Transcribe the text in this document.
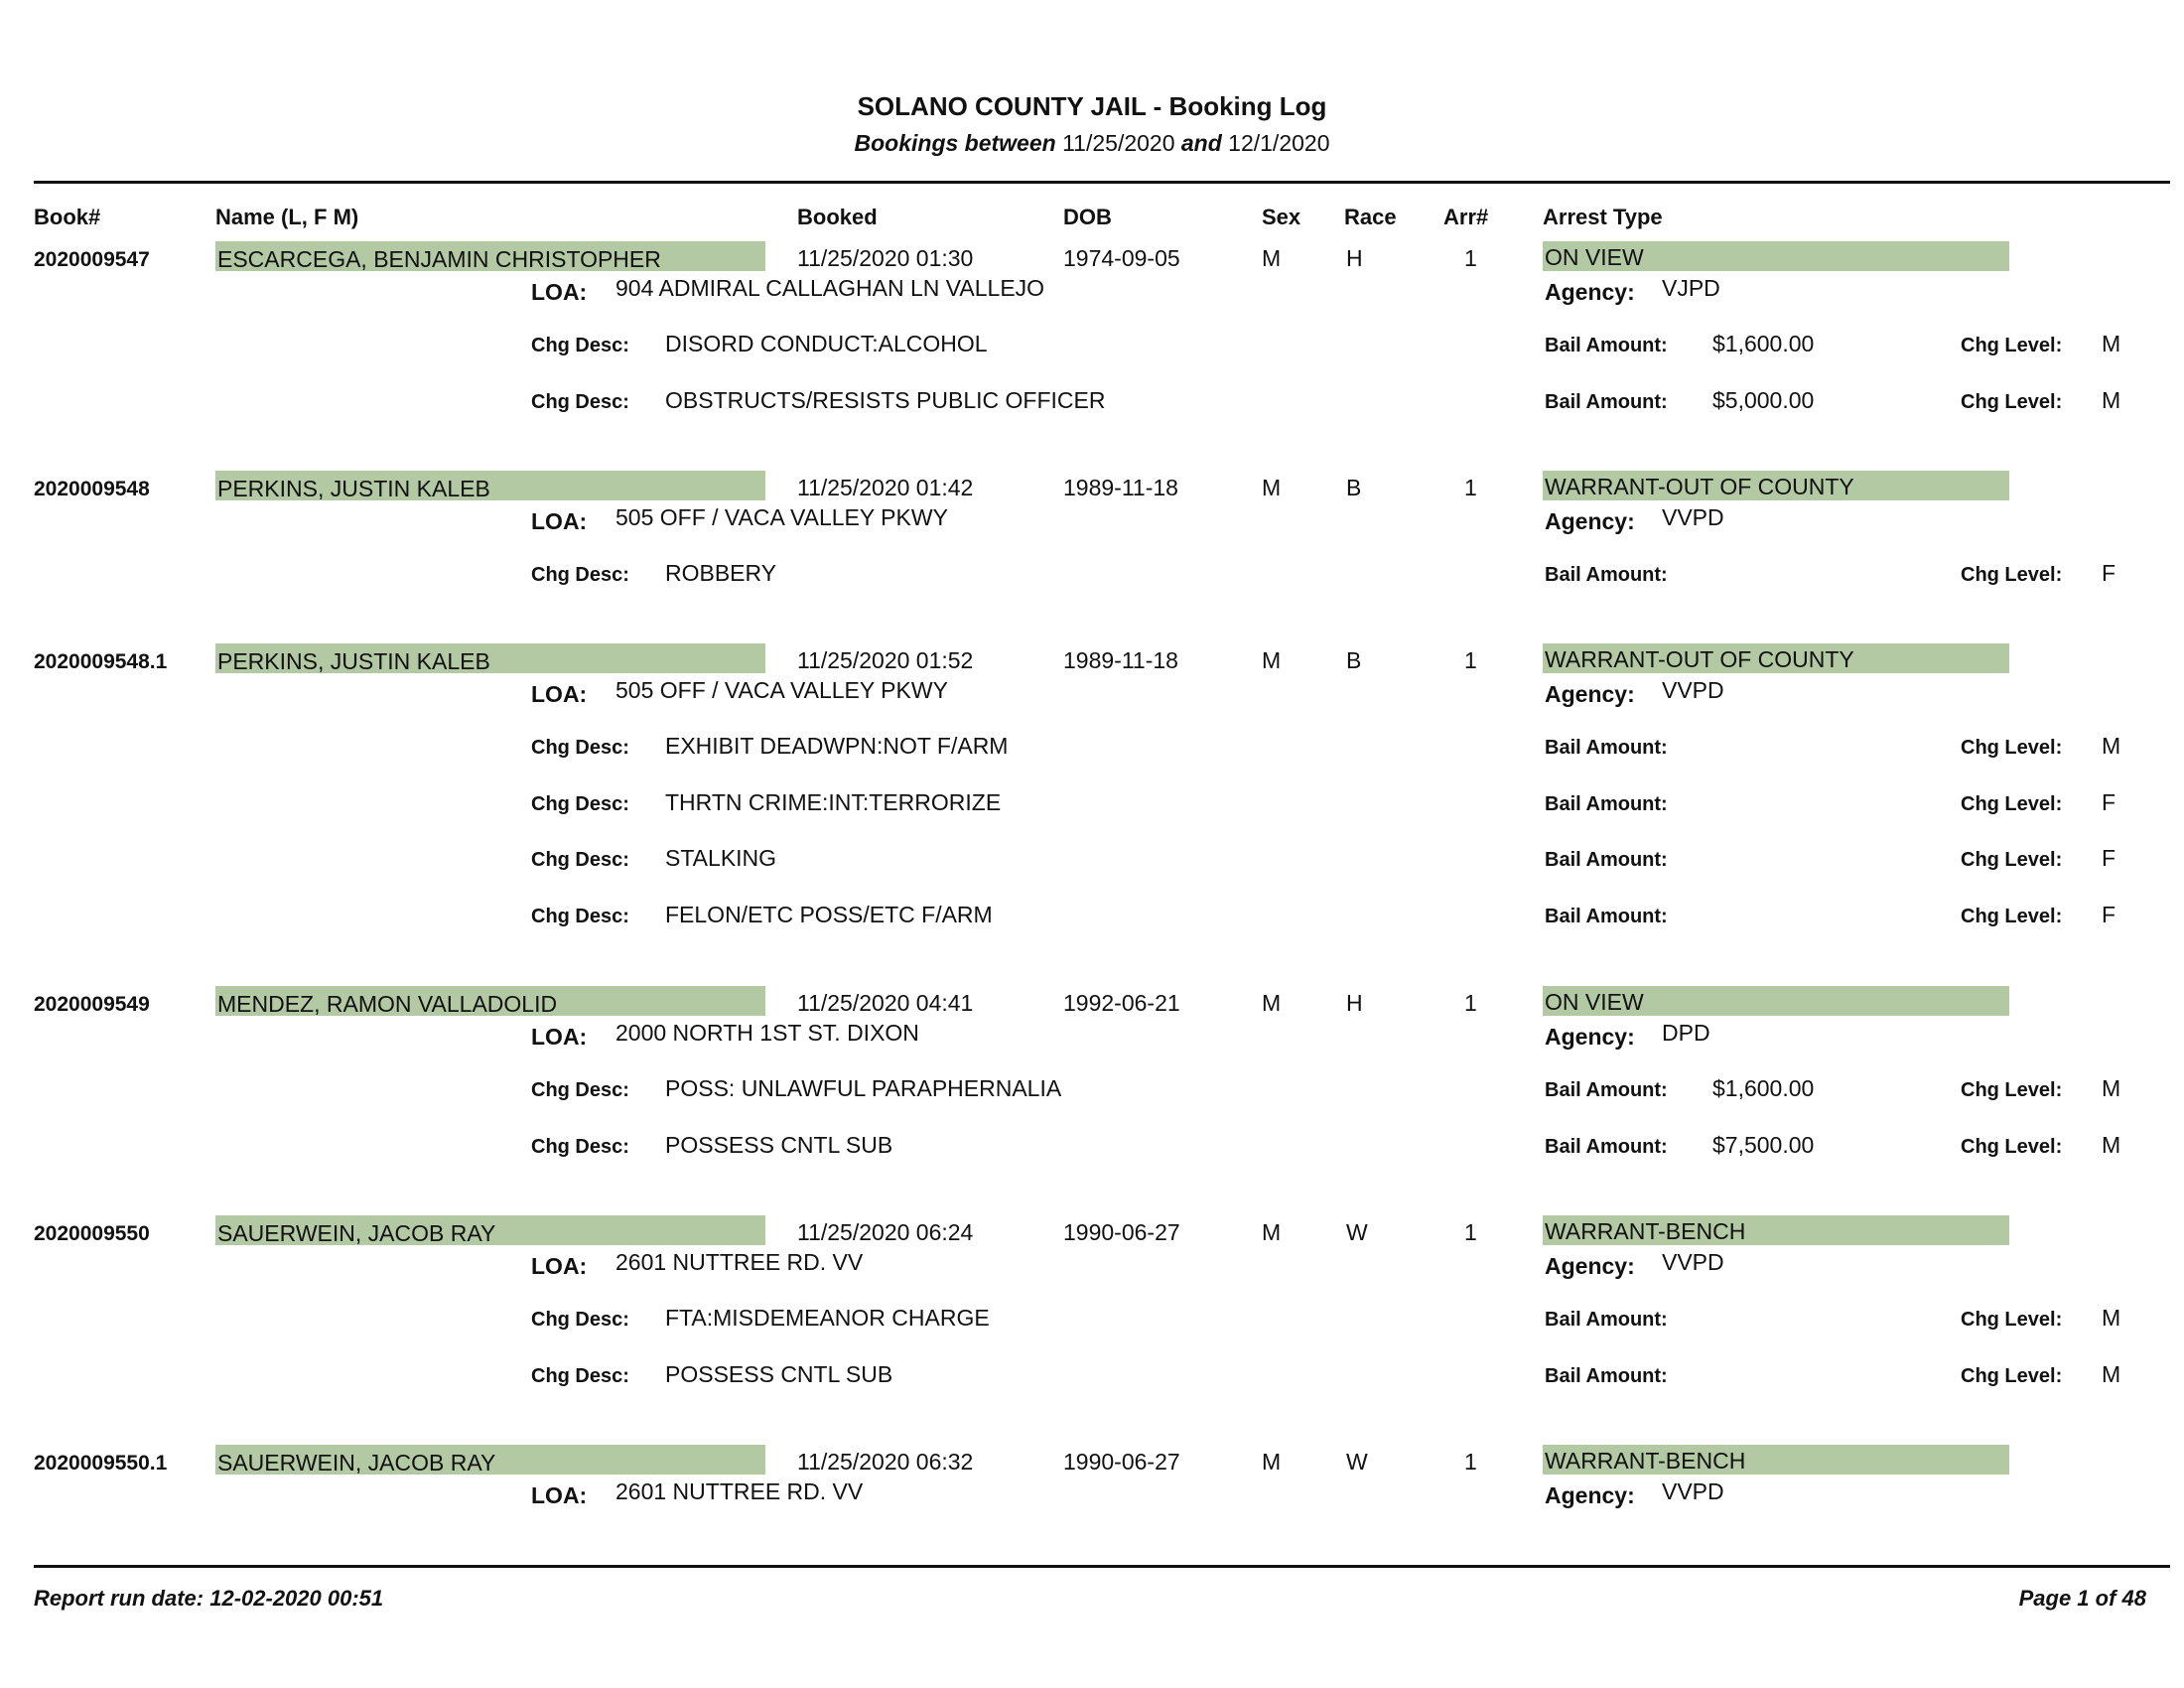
SOLANO COUNTY JAIL - Booking Log
Bookings between 11/25/2020 and 12/1/2020
Book#	Name (L, F M)	Booked	DOB	Sex Race Arr# Arrest Type
2020009547	ESCARCEGA, BENJAMIN CHRISTOPHER	11/25/2020 01:30	1974-09-05	M	H	1	ON VIEW
LOA: 904 ADMIRAL CALLAGHAN LN VALLEJO	Agency: VJPD
Chg Desc: DISORD CONDUCT:ALCOHOL	Bail Amount: $1,600.00	Chg Level: M
Chg Desc: OBSTRUCTS/RESISTS PUBLIC OFFICER	Bail Amount: $5,000.00	Chg Level: M
2020009548	PERKINS, JUSTIN KALEB	11/25/2020 01:42	1989-11-18	M	B	1	WARRANT-OUT OF COUNTY
LOA: 505 OFF / VACA VALLEY PKWY	Agency: VVPD
Chg Desc: ROBBERY	Bail Amount:	Chg Level: F
2020009548.1 PERKINS, JUSTIN KALEB	11/25/2020 01:52	1989-11-18	M	B	1	WARRANT-OUT OF COUNTY
LOA: 505 OFF / VACA VALLEY PKWY	Agency: VVPD
Chg Desc: EXHIBIT DEADWPN:NOT F/ARM	Bail Amount:	Chg Level: M
Chg Desc: THRTN CRIME:INT:TERRORIZE	Bail Amount:	Chg Level: F
Chg Desc: STALKING	Bail Amount:	Chg Level: F
Chg Desc: FELON/ETC POSS/ETC F/ARM	Bail Amount:	Chg Level: F
2020009549	MENDEZ, RAMON VALLADOLID	11/25/2020 04:41	1992-06-21	M	H	1	ON VIEW
LOA: 2000 NORTH 1ST ST. DIXON	Agency: DPD
Chg Desc: POSS: UNLAWFUL PARAPHERNALIA	Bail Amount: $1,600.00	Chg Level: M
Chg Desc: POSSESS CNTL SUB	Bail Amount: $7,500.00	Chg Level: M
2020009550	SAUERWEIN, JACOB RAY	11/25/2020 06:24	1990-06-27	M	W	1	WARRANT-BENCH
LOA: 2601 NUTTREE RD. VV	Agency: VVPD
Chg Desc: FTA:MISDEMEANOR CHARGE	Bail Amount:	Chg Level: M
Chg Desc: POSSESS CNTL SUB	Bail Amount:	Chg Level: M
2020009550.1 SAUERWEIN, JACOB RAY	11/25/2020 06:32	1990-06-27	M	W	1	WARRANT-BENCH
LOA: 2601 NUTTREE RD. VV	Agency: VVPD
Report run date: 12-02-2020 00:51	Page 1 of 48
